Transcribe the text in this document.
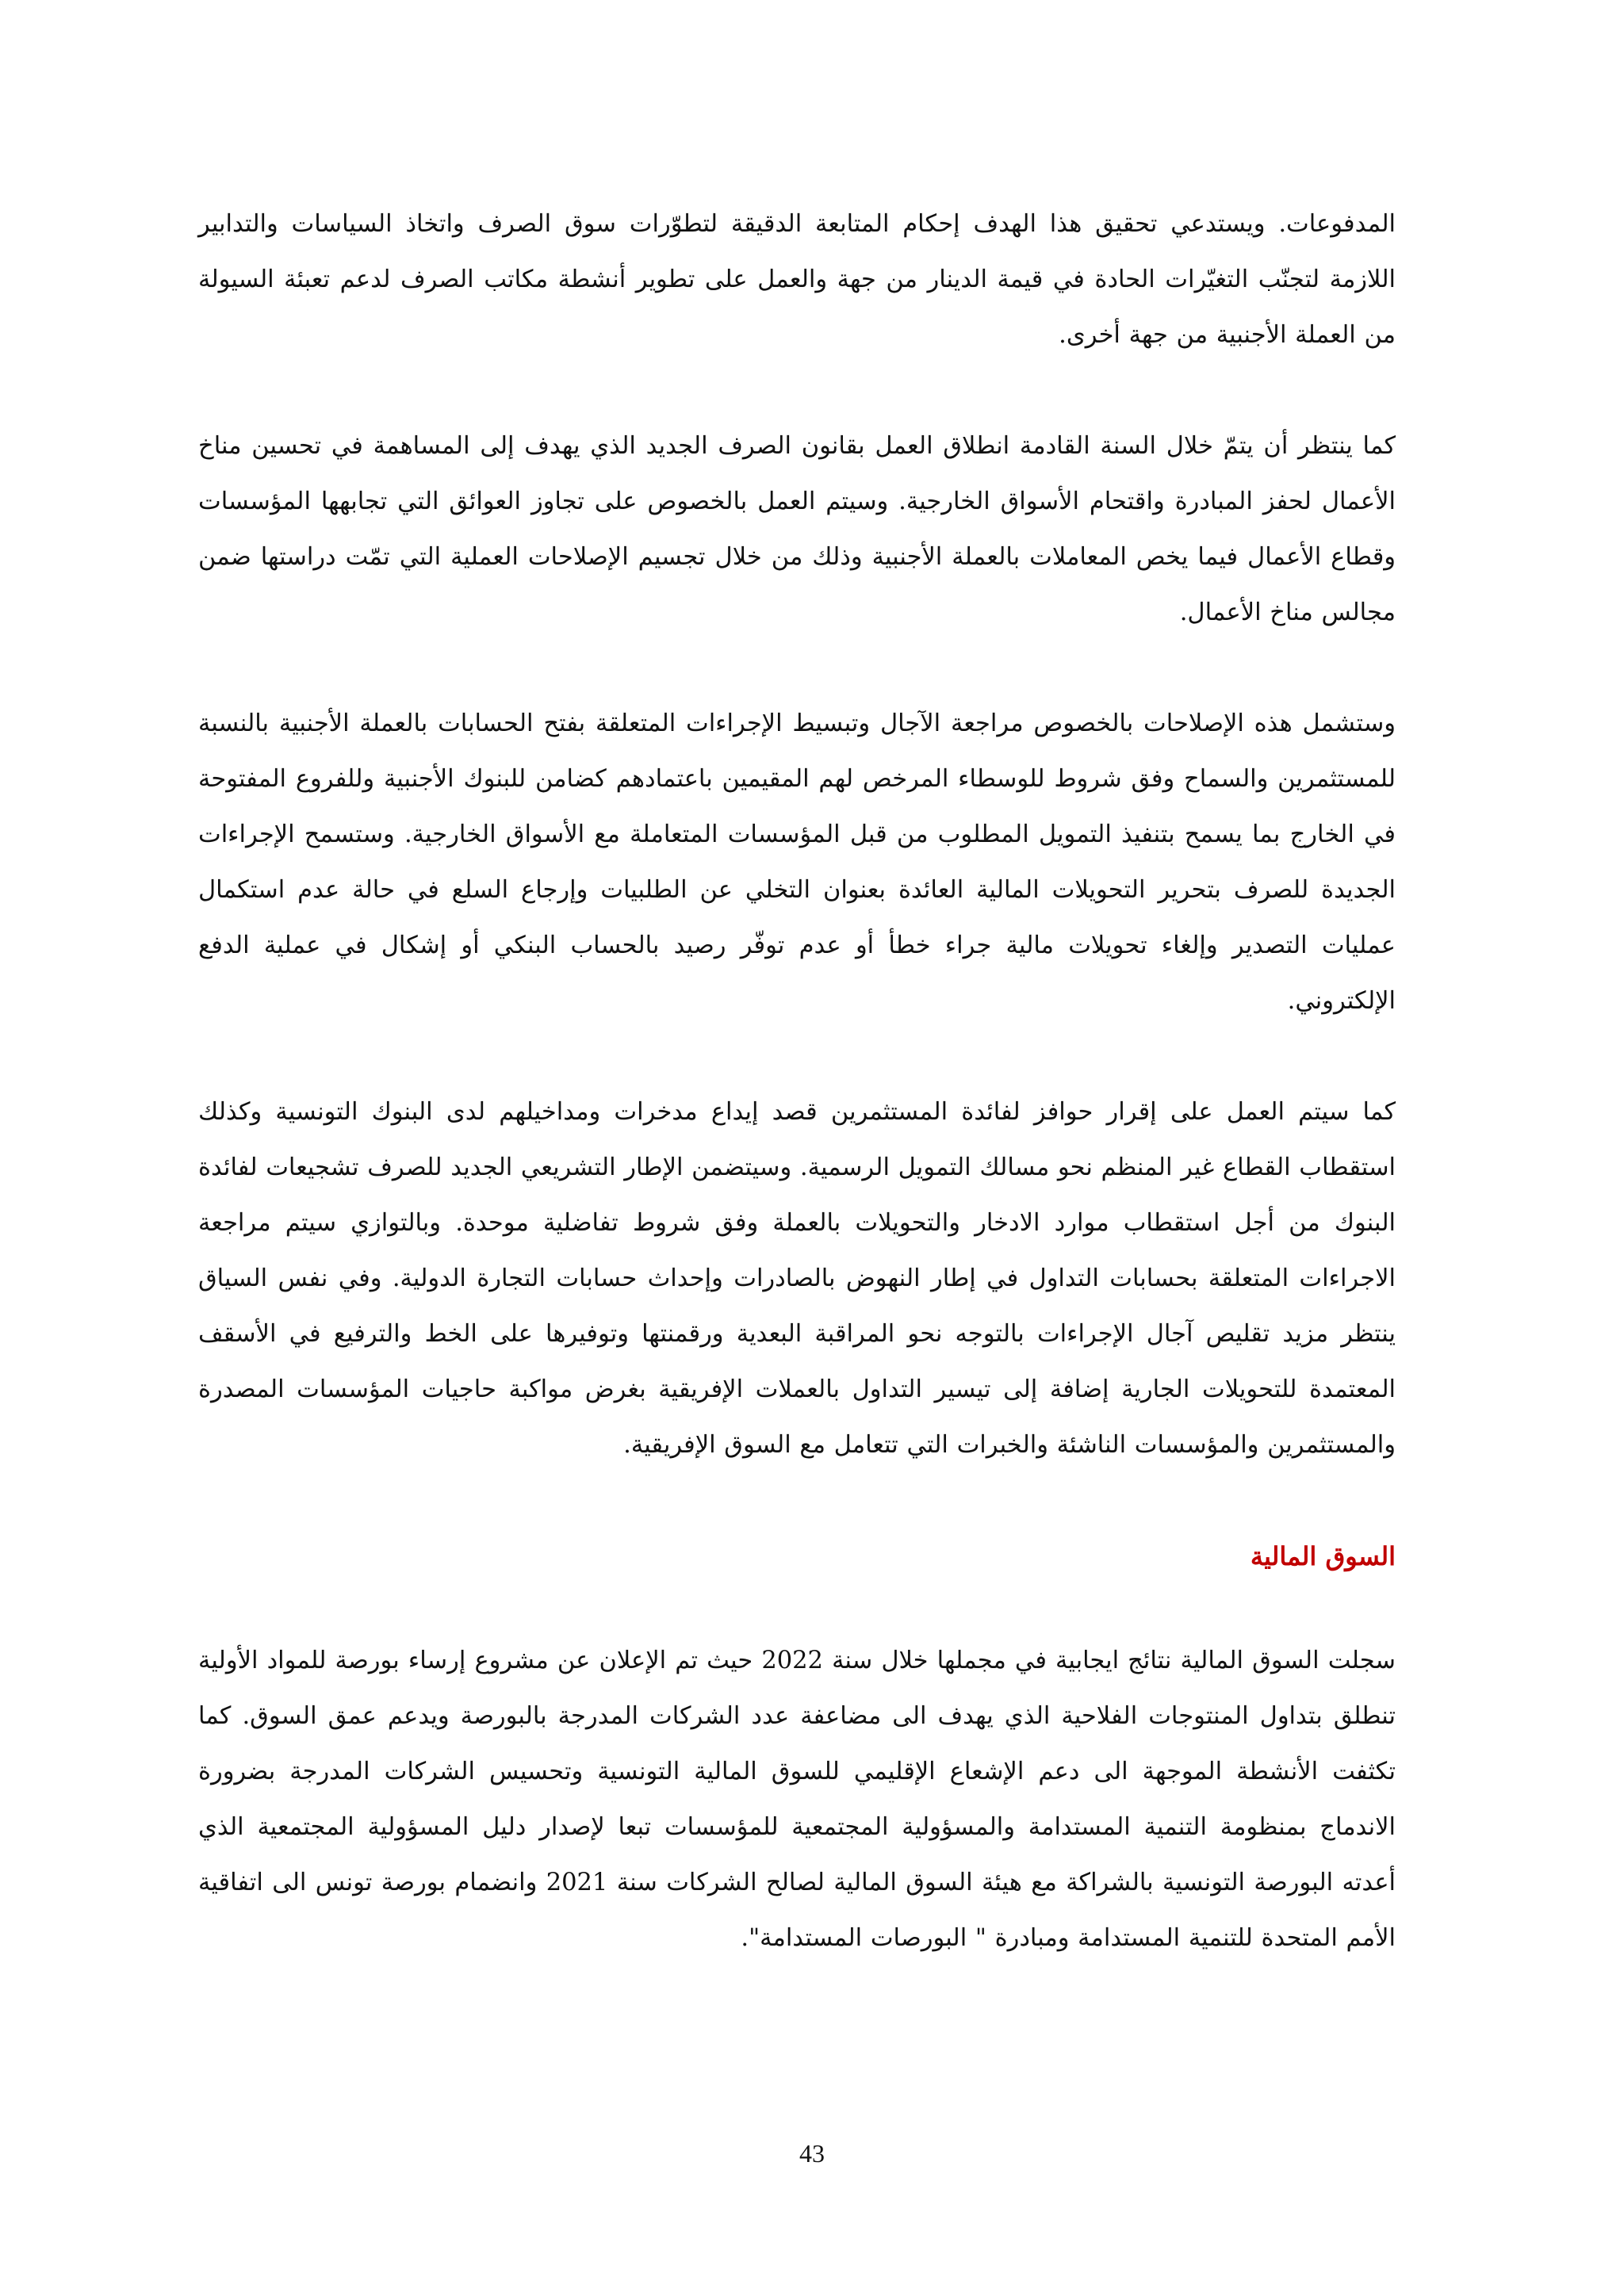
المدفوعات. ويستدعي تحقيق هذا الهدف إحكام المتابعة الدقيقة لتطوّرات سوق الصرف واتخاذ السياسات والتدابير اللازمة لتجنّب التغيّرات الحادة في قيمة الدينار من جهة والعمل على تطوير أنشطة مكاتب الصرف لدعم تعبئة السيولة من العملة الأجنبية من جهة أخرى.

كما ينتظر أن يتمّ خلال السنة القادمة انطلاق العمل بقانون الصرف الجديد الذي يهدف إلى المساهمة في تحسين مناخ الأعمال لحفز المبادرة واقتحام الأسواق الخارجية. وسيتم العمل بالخصوص على تجاوز العوائق التي تجابهها المؤسسات وقطاع الأعمال فيما يخص المعاملات بالعملة الأجنبية وذلك من خلال تجسيم الإصلاحات العملية التي تمّت دراستها ضمن مجالس مناخ الأعمال.

وستشمل هذه الإصلاحات بالخصوص مراجعة الآجال وتبسيط الإجراءات المتعلقة بفتح الحسابات بالعملة الأجنبية بالنسبة للمستثمرين والسماح وفق شروط للوسطاء المرخص لهم المقيمين باعتمادهم كضامن للبنوك الأجنبية وللفروع المفتوحة في الخارج بما يسمح بتنفيذ التمويل المطلوب من قبل المؤسسات المتعاملة مع الأسواق الخارجية. وستسمح الإجراءات الجديدة للصرف بتحرير التحويلات المالية العائدة بعنوان التخلي عن الطلبيات وإرجاع السلع في حالة عدم استكمال عمليات التصدير وإلغاء تحويلات مالية جراء خطأ أو عدم توفّر رصيد بالحساب البنكي أو إشكال في عملية الدفع الإلكتروني.

كما سيتم العمل على إقرار حوافز لفائدة المستثمرين قصد إيداع مدخرات ومداخيلهم لدى البنوك التونسية وكذلك استقطاب القطاع غير المنظم نحو مسالك التمويل الرسمية. وسيتضمن الإطار التشريعي الجديد للصرف تشجيعات لفائدة البنوك من أجل استقطاب موارد الادخار والتحويلات بالعملة وفق شروط تفاضلية موحدة. وبالتوازي سيتم مراجعة الاجراءات المتعلقة بحسابات التداول في إطار النهوض بالصادرات وإحداث حسابات التجارة الدولية. وفي نفس السياق ينتظر مزيد تقليص آجال الإجراءات بالتوجه نحو المراقبة البعدية ورقمنتها وتوفيرها على الخط والترفيع في الأسقف المعتمدة للتحويلات الجارية إضافة إلى تيسير التداول بالعملات الإفريقية بغرض مواكبة حاجيات المؤسسات المصدرة والمستثمرين والمؤسسات الناشئة والخبرات التي تتعامل مع السوق الإفريقية.

السوق المالية

سجلت السوق المالية نتائج ايجابية في مجملها خلال سنة 2022 حيث تم الإعلان عن مشروع إرساء بورصة للمواد الأولية تنطلق بتداول المنتوجات الفلاحية الذي يهدف الى مضاعفة عدد الشركات المدرجة بالبورصة ويدعم عمق السوق. كما تكثفت الأنشطة الموجهة الى دعم الإشعاع الإقليمي للسوق المالية التونسية وتحسيس الشركات المدرجة بضرورة الاندماج بمنظومة التنمية المستدامة والمسؤولية المجتمعية للمؤسسات تبعا لإصدار دليل المسؤولية المجتمعية الذي أعدته البورصة التونسية بالشراكة مع هيئة السوق المالية لصالح الشركات سنة 2021 وانضمام بورصة تونس الى اتفاقية الأمم المتحدة للتنمية المستدامة ومبادرة " البورصات المستدامة".

43
